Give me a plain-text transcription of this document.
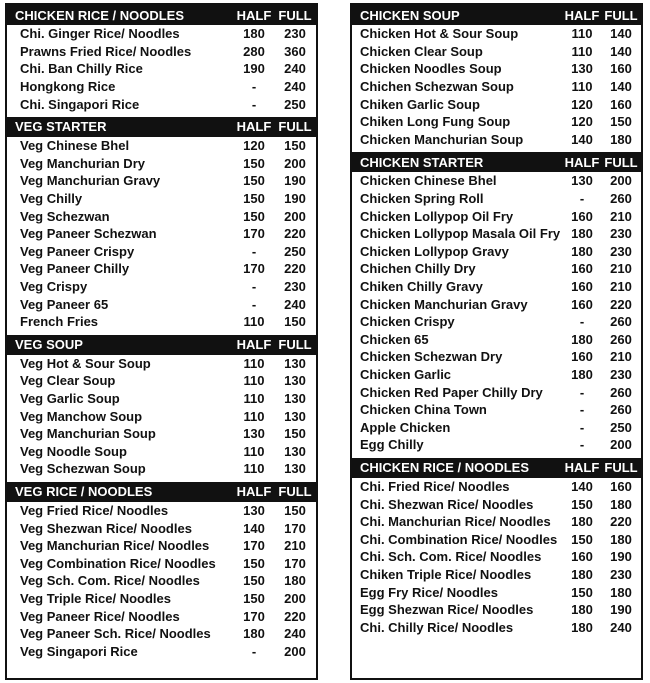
CHICKEN RICE / NOODLES	HALF FULL
Chi. Ginger Rice/ Noodles	180	230
Prawns Fried Rice/ Noodles	280	360
Chi. Ban Chilly Rice	190	240
Hongkong Rice	-	240
Chi. Singapori Rice	-	250
VEG STARTER	HALF FULL
Veg Chinese Bhel	120	150
Veg Manchurian Dry	150	200
Veg Manchurian Gravy	150	190
Veg Chilly	150	190
Veg Schezwan	150	200
Veg Paneer Schezwan	170	220
Veg Paneer Crispy	-	250
Veg Paneer Chilly	170	220
Veg Crispy	-	230
Veg Paneer 65	-	240
French Fries	110	150
VEG SOUP	HALF FULL
Veg Hot & Sour Soup	110	130
Veg Clear Soup	110	130
Veg Garlic Soup	110	130
Veg Manchow Soup	110	130
Veg Manchurian Soup	130	150
Veg Noodle Soup	110	130
Veg Schezwan Soup	110	130
VEG RICE / NOODLES	HALF FULL
Veg Fried Rice/ Noodles	130	150
Veg Shezwan Rice/ Noodles	140	170
Veg Manchurian Rice/ Noodles	170	210
Veg Combination Rice/ Noodles	150	170
Veg Sch. Com. Rice/ Noodles	150	180
Veg Triple Rice/ Noodles	150	200
Veg Paneer Rice/ Noodles	170	220
Veg Paneer Sch. Rice/ Noodles	180	240
Veg Singapori Rice	-	200
CHICKEN SOUP	HALF FULL
Chicken Hot & Sour Soup	110	140
Chicken Clear Soup	110	140
Chicken Noodles Soup	130	160
Chichen Schezwan Soup	110	140
Chiken Garlic Soup	120	160
Chiken Long Fung Soup	120	150
Chicken Manchurian Soup	140	180
CHICKEN STARTER	HALF FULL
Chicken Chinese Bhel	130	200
Chicken Spring Roll	-	260
Chicken Lollypop Oil Fry	160	210
Chicken Lollypop Masala Oil Fry 180	230
Chicken Lollypop Gravy	180	230
Chichen Chilly Dry	160	210
Chiken Chilly Gravy	160	210
Chicken Manchurian Gravy	160	220
Chicken Crispy	-	260
Chicken 65	180	260
Chicken Schezwan Dry	160	210
Chicken Garlic	180	230
Chicken Red Paper Chilly Dry	-	260
Chicken China Town	-	260
Apple Chicken	-	250
Egg Chilly	-	200
CHICKEN RICE / NOODLES	HALF FULL
Chi. Fried Rice/ Noodles	140	160
Chi. Shezwan Rice/ Noodles	150	180
Chi. Manchurian Rice/ Noodles	180	220
Chi. Combination Rice/ Noodles	150	180
Chi. Sch. Com. Rice/ Noodles	160	190
Chiken Triple Rice/ Noodles	180	230
Egg Fry Rice/ Noodles	150	180
Egg Shezwan Rice/ Noodles	180	190
Chi. Chilly Rice/ Noodles	180	240
